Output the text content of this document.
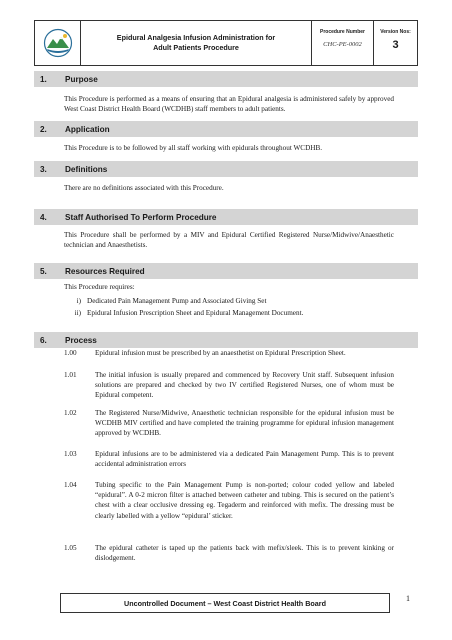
Epidural Analgesia Infusion Administration for
Adult Patients Procedure
Procedure Number
CHC-PE-0002
Version Nos:
3
1.	Purpose
This Procedure is performed as a means of ensuring that an Epidural analgesia is administered safely by approved West Coast District Health Board (WCDHB) staff members to adult patients.
2.	Application
This Procedure is to be followed by all staff working with epidurals throughout WCDHB.
3.	Definitions
There are no definitions associated with this Procedure.
4.	Staff Authorised To Perform Procedure
This Procedure shall be performed by a MIV and Epidural Certified Registered Nurse/Midwive/Anaesthetic technician and Anaesthetists.
5.	Resources Required
This Procedure requires:
i) Dedicated Pain Management Pump and Associated Giving Set
ii) Epidural Infusion Prescription Sheet and Epidural Management Document.
6.	Process
1.00	Epidural infusion must be prescribed by an anaesthetist on Epidural Prescription Sheet.
1.01	The initial infusion is usually prepared and commenced by Recovery Unit staff. Subsequent infusion solutions are prepared and checked by two IV certified Registered Nurses, one of whom must be Epidural competent.
1.02	The Registered Nurse/Midwive, Anaesthetic technician responsible for the epidural infusion must be WCDHB MIV certified and have completed the training programme for epidural infusion management approved by WCDHB.
1.03	Epidural infusions are to be administered via a dedicated Pain Management Pump. This is to prevent accidental administration errors
1.04	Tubing specific to the Pain Management Pump is non-ported; colour coded yellow and labeled “epidural”. A 0-2 micron filter is attached between catheter and tubing. This is secured on the patient’s chest with a clear occlusive dressing eg. Tegaderm and reinforced with mefix. The dressing must be clearly labelled with a yellow “epidural’ sticker.
1.05	The epidural catheter is taped up the patients back with mefix/sleek. This is to prevent kinking or dislodgement.
Uncontrolled Document – West Coast District Health Board	1
